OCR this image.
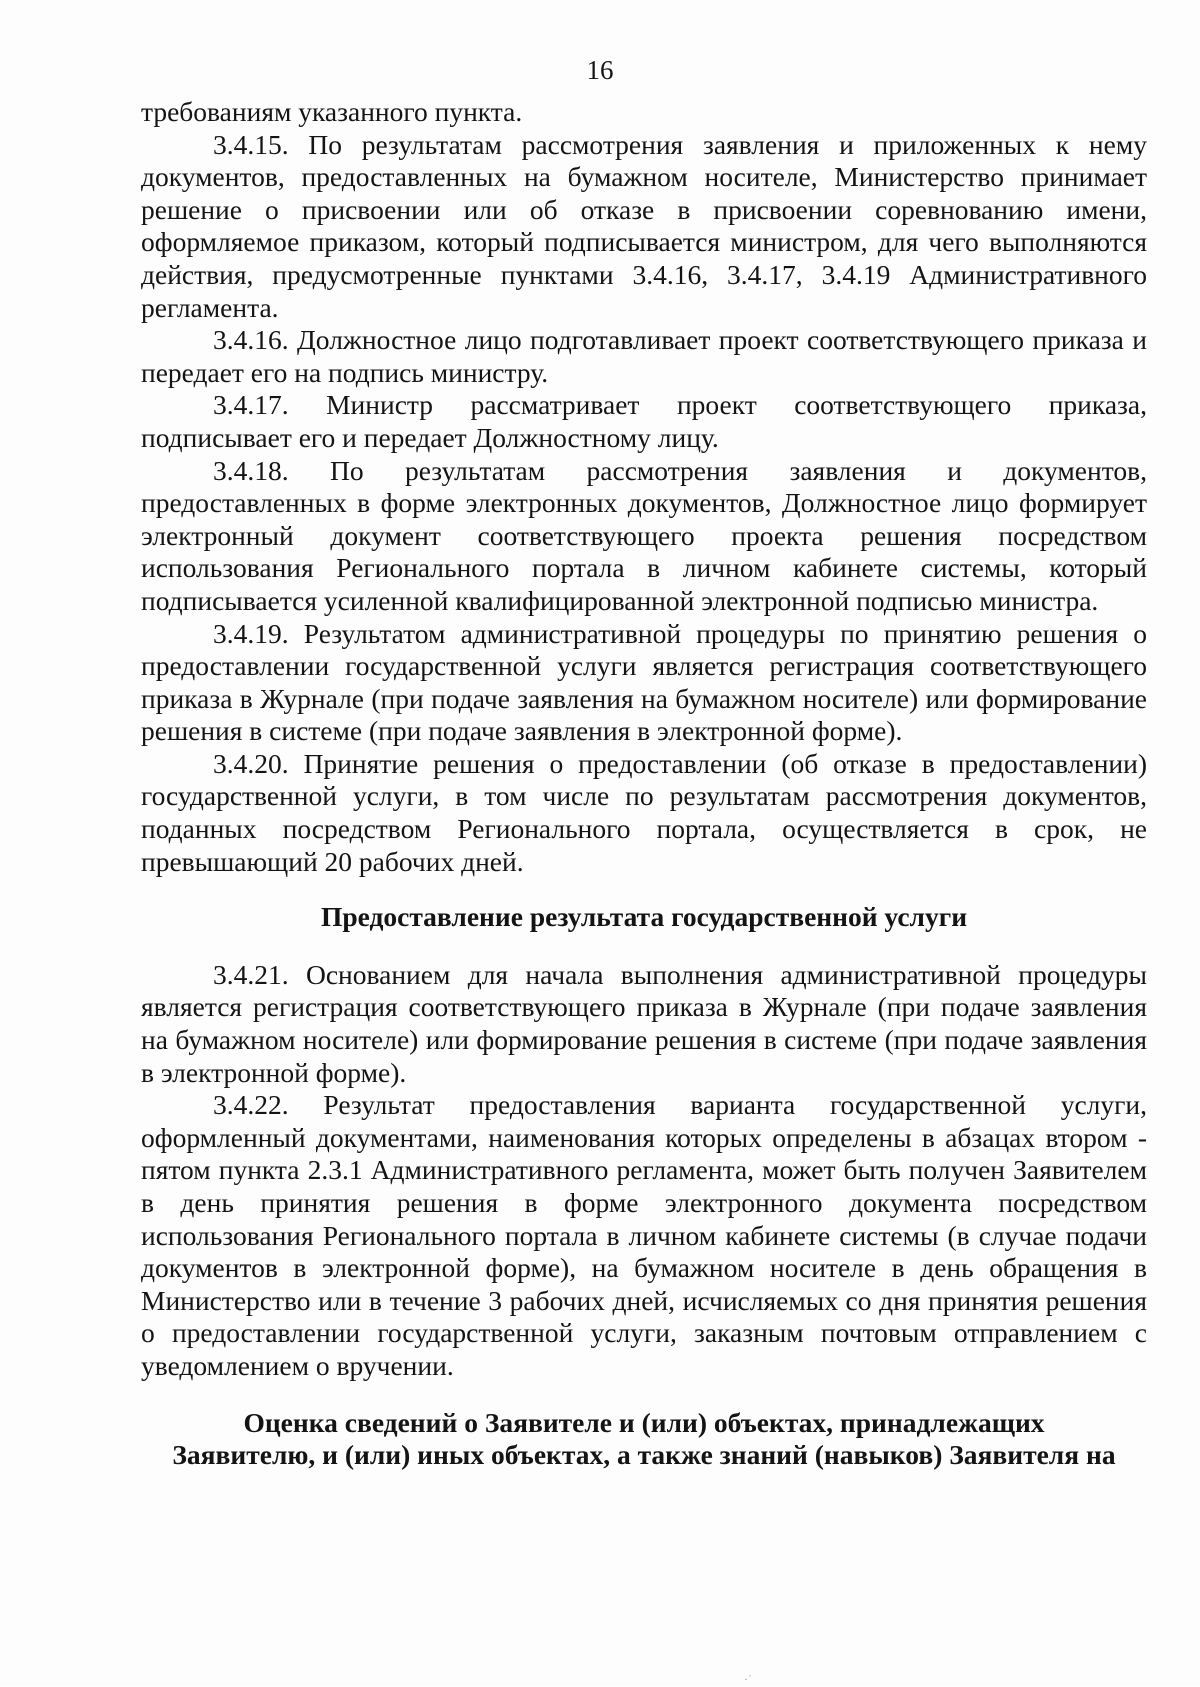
16

требованиям указанного пункта.

3.4.15. По результатам рассмотрения заявления и приложенных к нему документов, предоставленных на бумажном носителе, Министерство принимает решение о присвоении или об отказе в присвоении соревнованию имени, оформляемое приказом, который подписывается министром, для чего выполняются действия, предусмотренные пунктами 3.4.16, 3.4.17, 3.4.19 Административного регламента.

3.4.16. Должностное лицо подготавливает проект соответствующего приказа и передает его на подпись министру.

3.4.17. Министр рассматривает проект соответствующего приказа, подписывает его и передает Должностному лицу.

3.4.18. По результатам рассмотрения заявления и документов, предоставленных в форме электронных документов, Должностное лицо формирует электронный документ соответствующего проекта решения посредством использования Регионального портала в личном кабинете системы, который подписывается усиленной квалифицированной электронной подписью министра.

3.4.19. Результатом административной процедуры по принятию решения о предоставлении государственной услуги является регистрация соответствующего приказа в Журнале (при подаче заявления на бумажном носителе) или формирование решения в системе (при подаче заявления в электронной форме).

3.4.20. Принятие решения о предоставлении (об отказе в предоставлении) государственной услуги, в том числе по результатам рассмотрения документов, поданных посредством Регионального портала, осуществляется в срок, не превышающий 20 рабочих дней.

Предоставление результата государственной услуги

3.4.21. Основанием для начала выполнения административной процедуры является регистрация соответствующего приказа в Журнале (при подаче заявления на бумажном носителе) или формирование решения в системе (при подаче заявления в электронной форме).

3.4.22. Результат предоставления варианта государственной услуги, оформленный документами, наименования которых определены в абзацах втором - пятом пункта 2.3.1 Административного регламента, может быть получен Заявителем в день принятия решения в форме электронного документа посредством использования Регионального портала в личном кабинете системы (в случае подачи документов в электронной форме), на бумажном носителе в день обращения в Министерство или в течение 3 рабочих дней, исчисляемых со дня принятия решения о предоставлении государственной услуги, заказным почтовым отправлением с уведомлением о вручении.

Оценка сведений о Заявителе и (или) объектах, принадлежащих
Заявителю, и (или) иных объектах, а также знаний (навыков) Заявителя на
·˙
